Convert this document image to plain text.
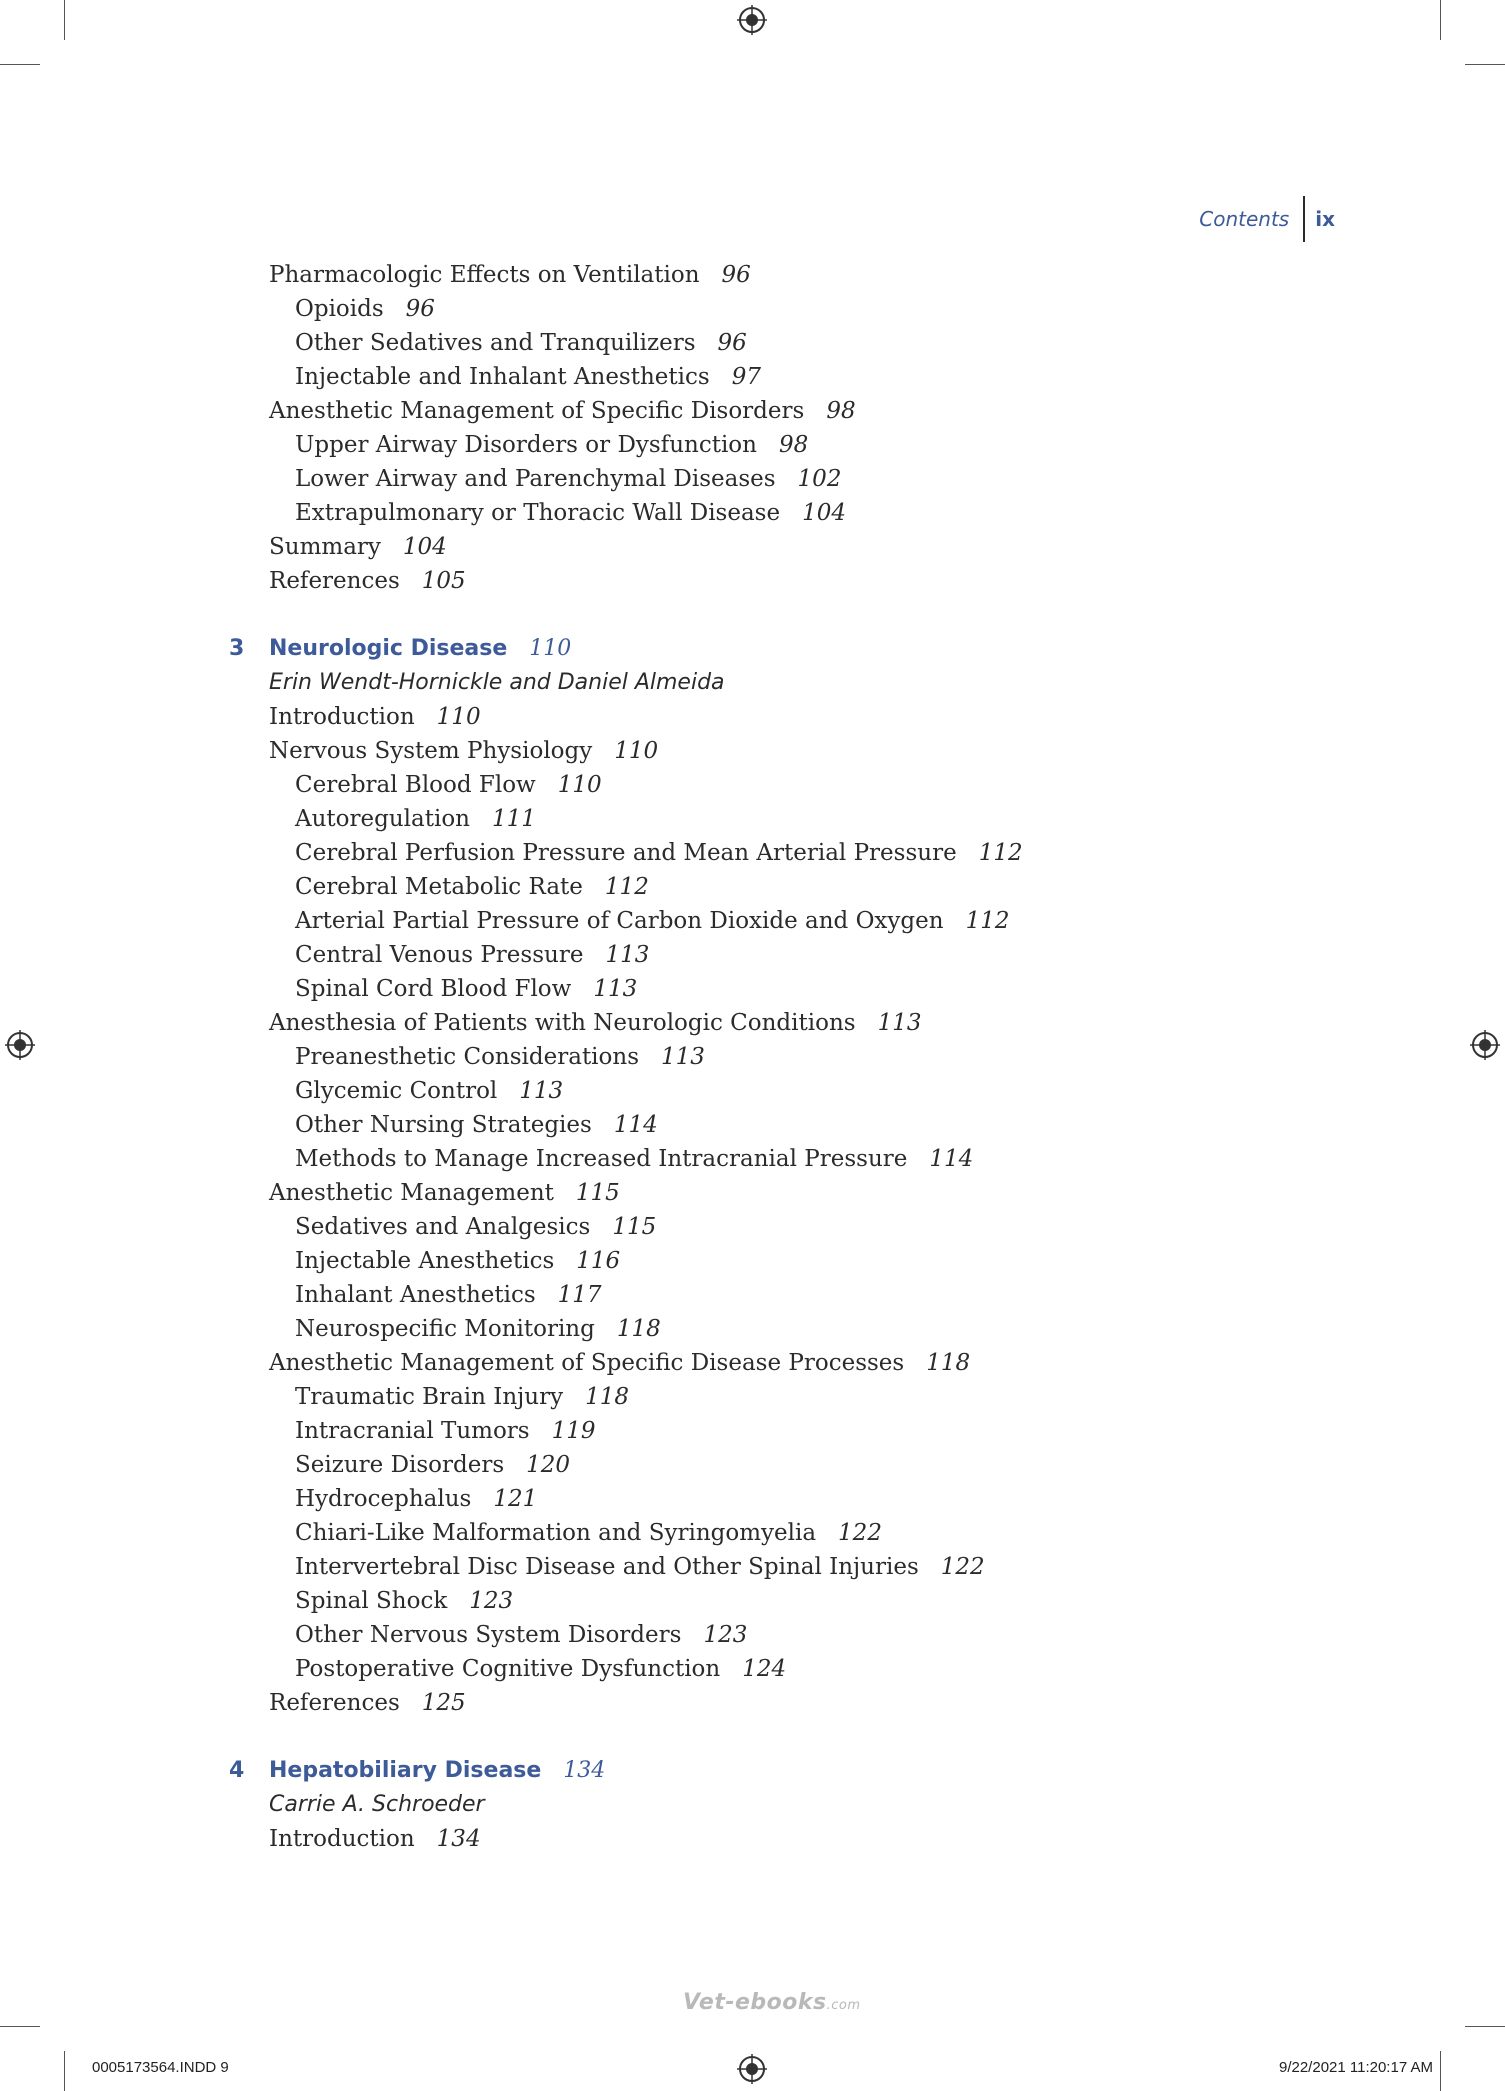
Contents	ix
Pharmacologic Effects on Ventilation 96
Opioids 96
Other Sedatives and Tranquilizers 96
Injectable and Inhalant Anesthetics 97
Anesthetic Management of Specific Disorders 98
Upper Airway Disorders or Dysfunction 98
Lower Airway and Parenchymal Diseases 102
Extrapulmonary or Thoracic Wall Disease 104
Summary 104
References 105
3 Neurologic Disease 110
Erin Wendt-Hornickle and Daniel Almeida
Introduction 110
Nervous System Physiology 110
Cerebral Blood Flow 110
Autoregulation 111
Cerebral Perfusion Pressure and Mean Arterial Pressure 112
Cerebral Metabolic Rate 112
Arterial Partial Pressure of Carbon Dioxide and Oxygen 112
Central Venous Pressure 113
Spinal Cord Blood Flow 113
Anesthesia of Patients with Neurologic Conditions 113
Preanesthetic Considerations 113
Glycemic Control 113
Other Nursing Strategies 114
Methods to Manage Increased Intracranial Pressure 114
Anesthetic Management 115
Sedatives and Analgesics 115
Injectable Anesthetics 116
Inhalant Anesthetics 117
Neurospecific Monitoring 118
Anesthetic Management of Specific Disease Processes 118
Traumatic Brain Injury 118
Intracranial Tumors 119
Seizure Disorders 120
Hydrocephalus 121
Chiari-Like Malformation and Syringomyelia 122
Intervertebral Disc Disease and Other Spinal Injuries 122
Spinal Shock 123
Other Nervous System Disorders 123
Postoperative Cognitive Dysfunction 124
References 125
4 Hepatobiliary Disease 134
Carrie A. Schroeder
Introduction 134
Vet-ebooks.com
0005173564.INDD 9	9/22/2021 11:20:17 AM
